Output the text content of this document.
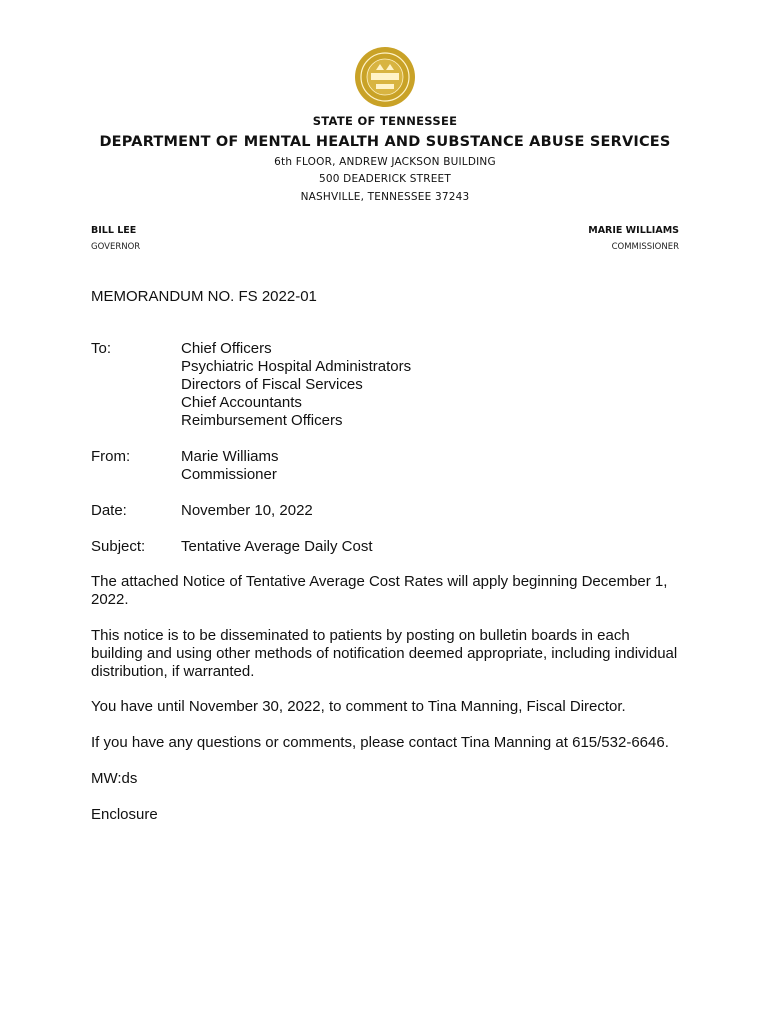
STATE OF TENNESSEE
DEPARTMENT OF MENTAL HEALTH AND SUBSTANCE ABUSE SERVICES
6th FLOOR, ANDREW JACKSON BUILDING
500 DEADERICK STREET
NASHVILLE, TENNESSEE 37243
BILL LEE
GOVERNOR
MARIE WILLIAMS
COMMISSIONER
MEMORANDUM NO. FS 2022-01
To:	Chief Officers
Psychiatric Hospital Administrators
Directors of Fiscal Services
Chief Accountants
Reimbursement Officers
From:	Marie Williams
Commissioner
Date:	November 10, 2022
Subject:	Tentative Average Daily Cost
The attached Notice of Tentative Average Cost Rates will apply beginning December 1, 2022.
This notice is to be disseminated to patients by posting on bulletin boards in each building and using other methods of notification deemed appropriate, including individual distribution, if warranted.
You have until November 30, 2022, to comment to Tina Manning, Fiscal Director.
If you have any questions or comments, please contact Tina Manning at 615/532-6646.
MW:ds
Enclosure
